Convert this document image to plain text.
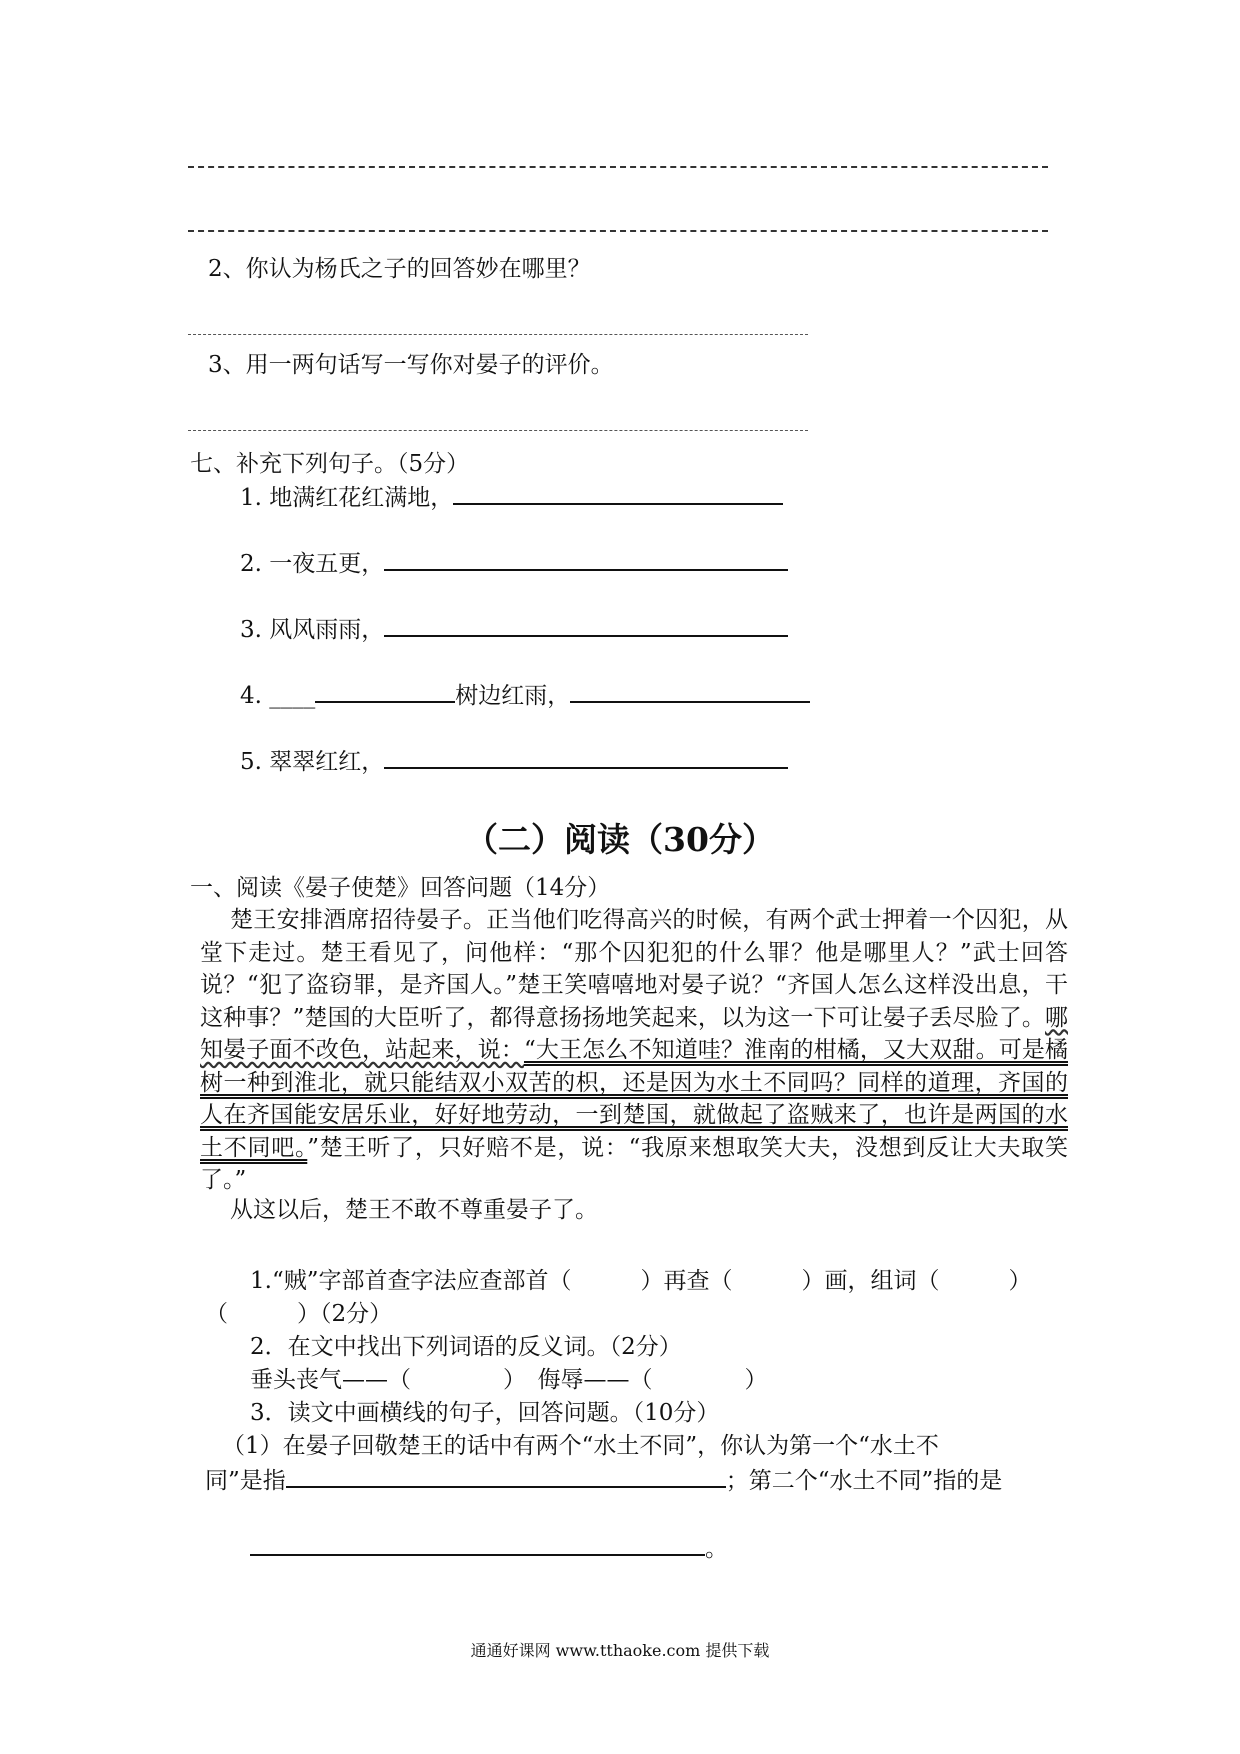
2、你认为杨氏之子的回答妙在哪里？
3、用一两句话写一写你对晏子的评价。
七、补充下列句子。（5分）
1. 地满红花红满地，
2. 一夜五更，
3. 风风雨雨，
4. ____	树边红雨，
5. 翠翠红红，
（二）阅读（30分）
一、阅读《晏子使楚》回答问题（14分）
楚王安排酒席招待晏子。正当他们吃得高兴的时候，有两个武士押着一个囚犯，从堂下走过。楚王看见了，问他样：“那个囚犯犯的什么罪？他是哪里人？”武士回答说？“犯了盗窃罪，是齐国人。”楚王笑嘻嘻地对晏子说？“齐国人怎么这样没出息，干这种事？”楚国的大臣听了，都得意扬扬地笑起来，以为这一下可让晏子丢尽脸了。哪知晏子面不改色，站起来，说：“大王怎么不知道哇？淮南的柑橘，又大双甜。可是橘树一种到淮北，就只能结双小双苦的枳，还是因为水土不同吗？同样的道理，齐国的人在齐国能安居乐业，好好地劳动，一到楚国，就做起了盗贼来了，也许是两国的水土不同吧。”楚王听了，只好赔不是，说：“我原来想取笑大夫，没想到反让大夫取笑了。”
从这以后，楚王不敢不尊重晏子了。
1.“贼”字部首查字法应查部首（　　　）再查（　　　）画，组词（　　　）
（　　　）（2分）
2．在文中找出下列词语的反义词。（2分）
垂头丧气——（　　　　）　侮辱——（　　　　）
3．读文中画横线的句子，回答问题。（10分）
（1）在晏子回敬楚王的话中有两个“水土不同”，你认为第一个“水土不
同”是指	；第二个“水土不同”指的是
。
通通好课网 www.tthaoke.com 提供下载
